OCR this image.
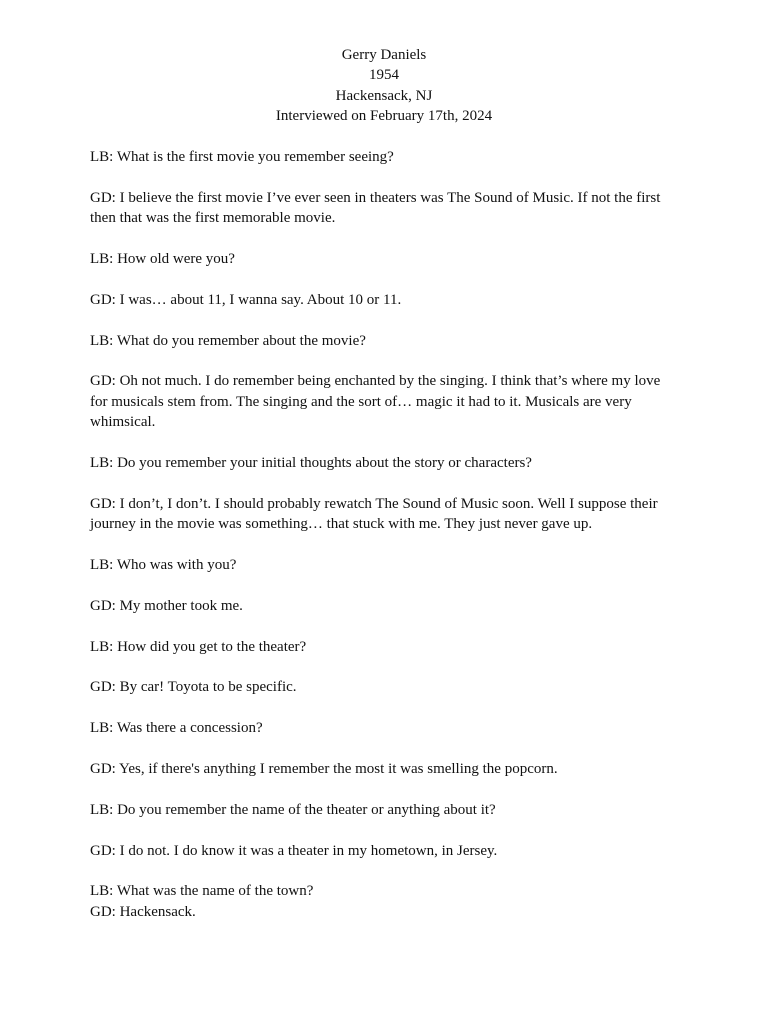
Gerry Daniels
1954
Hackensack, NJ
Interviewed on February 17th, 2024

LB: What is the first movie you remember seeing?

GD: I believe the first movie I’ve ever seen in theaters was The Sound of Music. If not the first then that was the first memorable movie.

LB: How old were you?

GD: I was… about 11, I wanna say. About 10 or 11.

LB: What do you remember about the movie?

GD: Oh not much. I do remember being enchanted by the singing. I think that’s where my love for musicals stem from. The singing and the sort of… magic it had to it. Musicals are very whimsical.

LB: Do you remember your initial thoughts about the story or characters?

GD: I don’t, I don’t. I should probably rewatch The Sound of Music soon. Well I suppose their journey in the movie was something… that stuck with me. They just never gave up.

LB: Who was with you?

GD: My mother took me.

LB: How did you get to the theater?

GD: By car! Toyota to be specific.

LB: Was there a concession?

GD: Yes, if there's anything I remember the most it was smelling the popcorn.

LB: Do you remember the name of the theater or anything about it?

GD: I do not. I do know it was a theater in my hometown, in Jersey.

LB: What was the name of the town?

GD: Hackensack.
